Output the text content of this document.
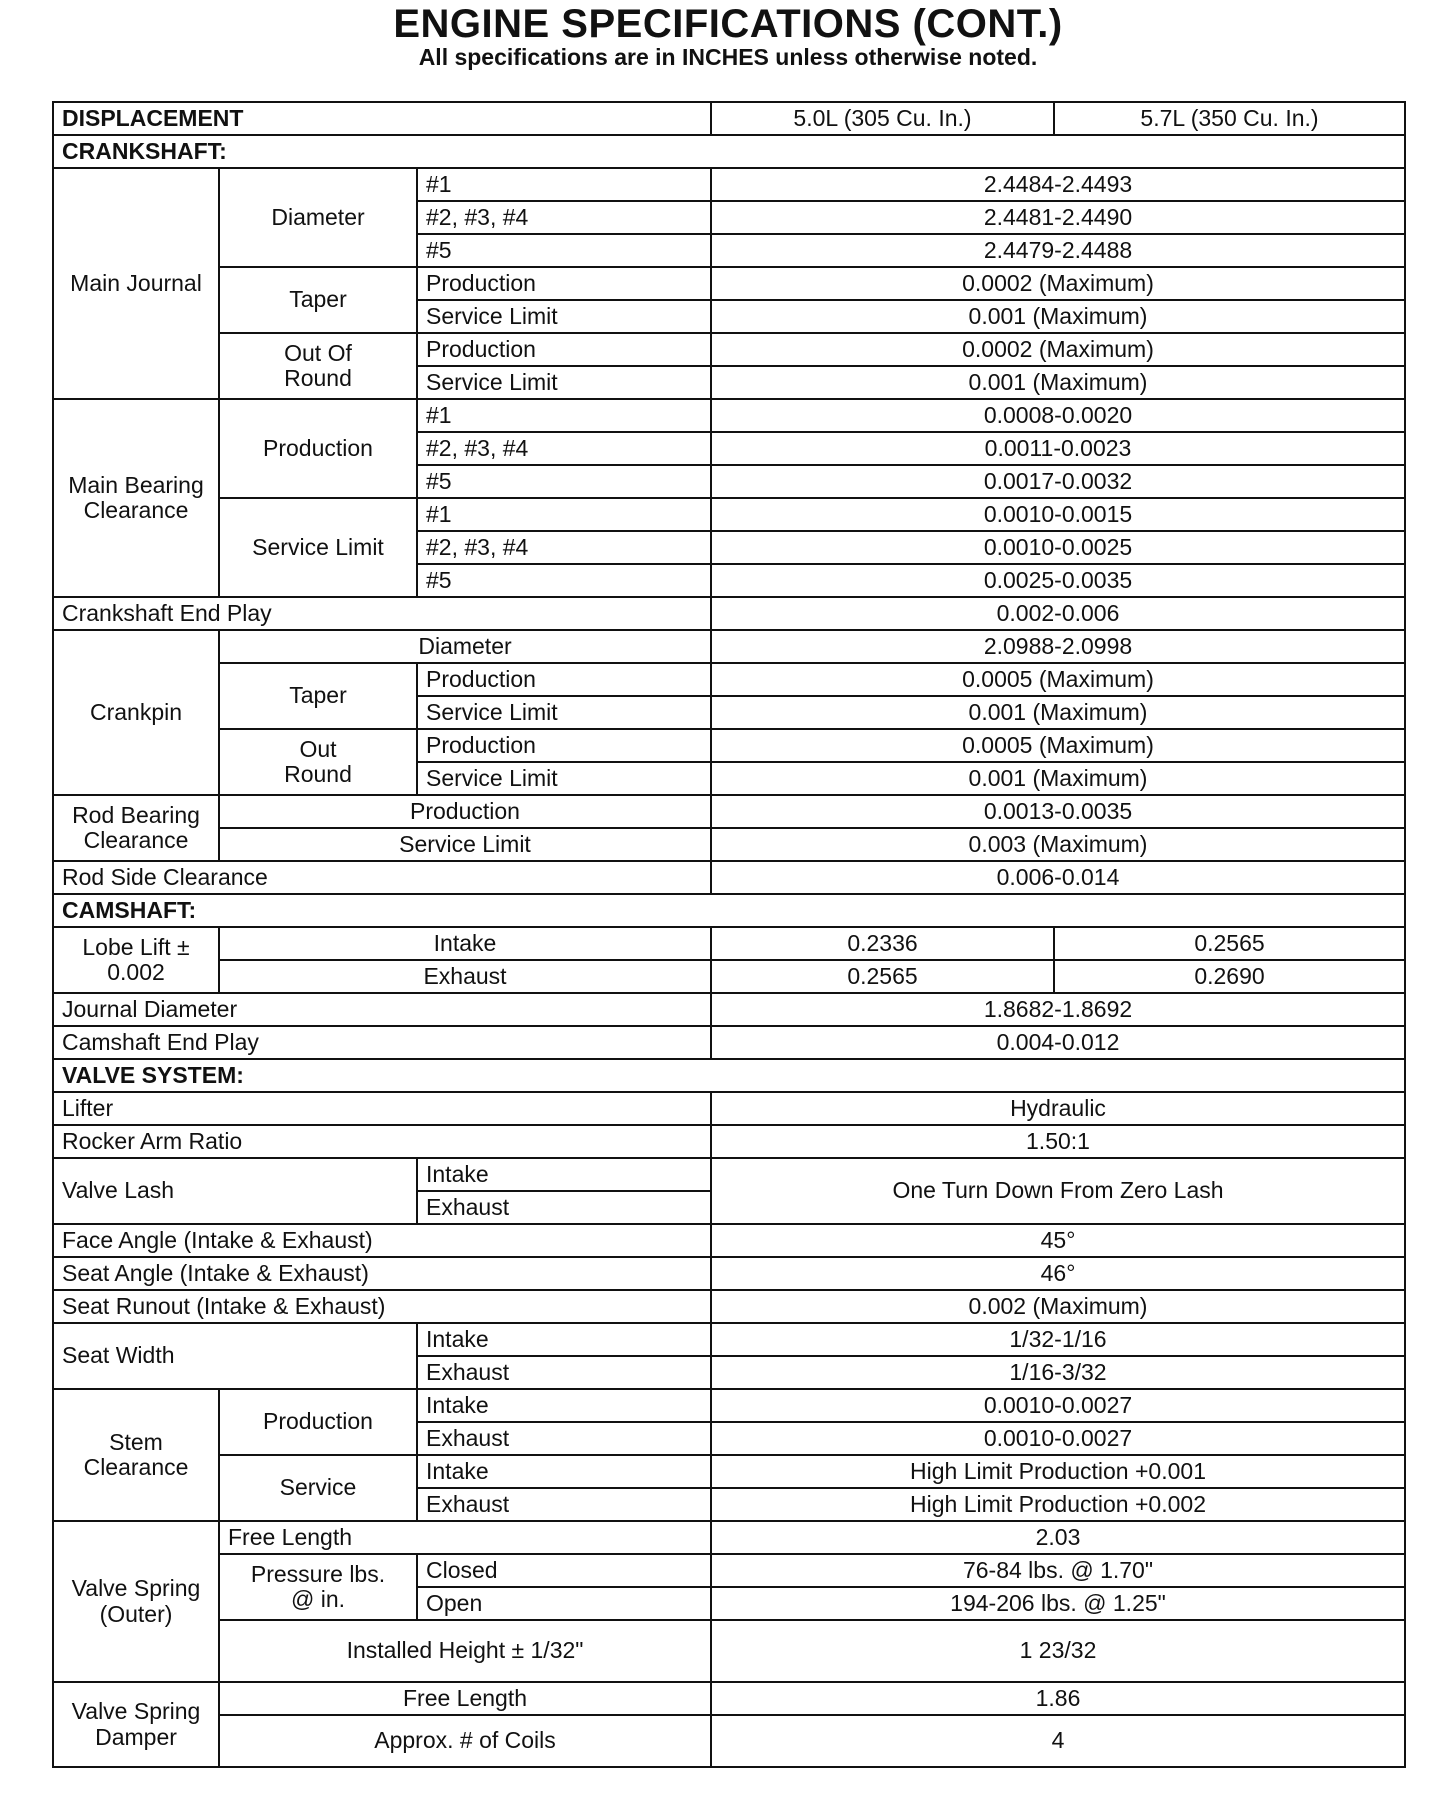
ENGINE SPECIFICATIONS (CONT.)
All specifications are in INCHES unless otherwise noted.
DISPLACEMENT			5.0L (305 Cu. In.)	5.7L (350 Cu. In.)
CRANKSHAFT:				
Main Journal	Diameter	#1	2.4484-2.4493	
		#2, #3, #4	2.4481-2.4490	
		#5	2.4479-2.4488	
	Taper	Production	0.0002 (Maximum)	
		Service Limit	0.001 (Maximum)	
	Out Of Round	Production	0.0002 (Maximum)	
		Service Limit	0.001 (Maximum)	
Main Bearing Clearance	Production	#1	0.0008-0.0020	
		#2, #3, #4	0.0011-0.0023	
		#5	0.0017-0.0032	
	Service Limit	#1	0.0010-0.0015	
		#2, #3, #4	0.0010-0.0025	
		#5	0.0025-0.0035	
Crankshaft End Play			0.002-0.006	
Crankpin	Diameter		2.0988-2.0998	
	Taper	Production	0.0005 (Maximum)	
		Service Limit	0.001 (Maximum)	
	Out Round	Production	0.0005 (Maximum)	
		Service Limit	0.001 (Maximum)	
Rod Bearing Clearance	Production		0.0013-0.0035	
	Service Limit		0.003 (Maximum)	
Rod Side Clearance			0.006-0.014	
CAMSHAFT:				
Lobe Lift ± 0.002	Intake		0.2336	0.2565
	Exhaust		0.2565	0.2690
Journal Diameter			1.8682-1.8692	
Camshaft End Play			0.004-0.012	
VALVE SYSTEM:				
Lifter			Hydraulic	
Rocker Arm Ratio			1.50:1	
Valve Lash		Intake	One Turn Down From Zero Lash	
		Exhaust		
Face Angle (Intake & Exhaust)			45°	
Seat Angle (Intake & Exhaust)			46°	
Seat Runout (Intake & Exhaust)			0.002 (Maximum)	
Seat Width		Intake	1/32-1/16	
		Exhaust	1/16-3/32	
Stem Clearance	Production	Intake	0.0010-0.0027	
		Exhaust	0.0010-0.0027	
	Service	Intake	High Limit Production +0.001	
		Exhaust	High Limit Production +0.002	
Valve Spring (Outer)	Free Length		2.03	
	Pressure lbs. @ in.	Closed	76-84 lbs. @ 1.70"	
		Open	194-206 lbs. @ 1.25"	
	Installed Height ± 1/32"		1 23/32	
Valve Spring Damper	Free Length		1.86	
	Approx. # of Coils		4	
